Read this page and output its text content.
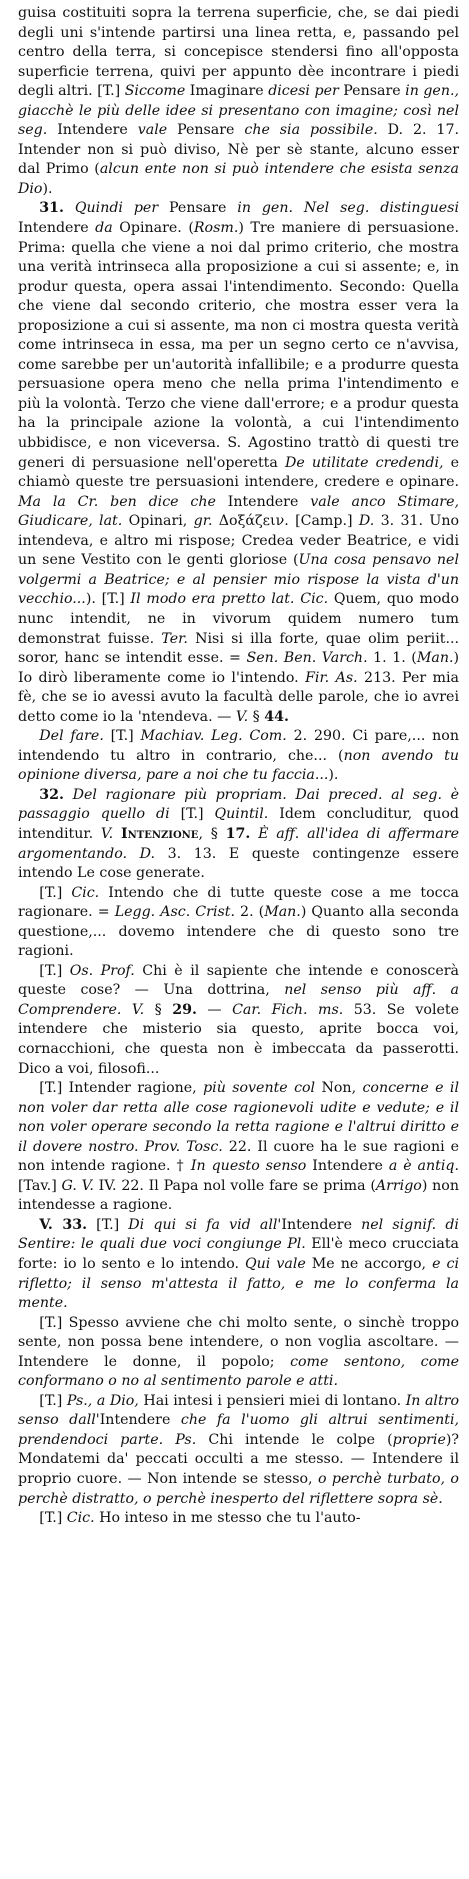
guisa costituiti sopra la terrena superficie, che, se dai piedi degli uni s'intende partirsi una linea retta, e, passando pel centro della terra, si concepisce stendersi fino all'opposta superficie terrena, quivi per appunto dèe incontrare i piedi degli altri. [T.] Siccome Imaginare dicesi per Pensare in gen., giacchè le più delle idee si presentano con imagine; così nel seg. Intendere vale Pensare che sia possibile. D. 2. 17. Intender non si può diviso, Nè per sè stante, alcuno esser dal Primo (alcun ente non si può intendere che esista senza Dio).

31. Quindi per Pensare in gen. Nel seg. distinguesi Intendere da Opinare. (Rosm.) Tre maniere di persuasione. Prima: quella che viene a noi dal primo criterio, che mostra una verità intrinseca alla proposizione a cui si assente; e, in produr questa, opera assai l'intendimento. Secondo: Quella che viene dal secondo criterio, che mostra esser vera la proposizione a cui si assente, ma non ci mostra questa verità come intrinseca in essa, ma per un segno certo ce n'avvisa, come sarebbe per un'autorità infallibile; e a produrre questa persuasione opera meno che nella prima l'intendimento e più la volontà. Terzo che viene dall'errore; e a produr questa ha la principale azione la volontà, a cui l'intendimento ubbidisce, e non viceversa. S. Agostino trattò di questi tre generi di persuasione nell'operetta De utilitate credendi, e chiamò queste tre persuasioni intendere, credere e opinare. Ma la Cr. ben dice che Intendere vale anco Stimare, Giudicare, lat. Opinari, gr. Δοξάζειν. [Camp.] D. 3. 31. Uno intendeva, e altro mi rispose; Credea veder Beatrice, e vidi un sene Vestito con le genti gloriose (Una cosa pensavo nel volgermi a Beatrice; e al pensier mio rispose la vista d'un vecchio...). [T.] Il modo era pretto lat. Cic. Quem, quo modo nunc intendit, ne in vivorum quidem numero tum demonstrat fuisse. Ter. Nisi si illa forte, quae olim periit... soror, hanc se intendit esse. = Sen. Ben. Varch. 1. 1. (Man.) Io dirò liberamente come io l'intendo. Fir. As. 213. Per mia fè, che se io avessi avuto la facultà delle parole, che io avrei detto come io la 'ntendeva. — V. § 44.

Del fare. [T.] Machiav. Leg. Com. 2. 290. Ci pare,... non intendendo tu altro in contrario, che... (non avendo tu opinione diversa, pare a noi che tu faccia...).

32. Del ragionare più propriam. Dai preced. al seg. è passaggio quello di [T.] Quintil. Idem concluditur, quod intenditur. V. Intenzione, § 17. È aff. all'idea di affermare argomentando. D. 3. 13. E queste contingenze essere intendo Le cose generate.

[T.] Cic. Intendo che di tutte queste cose a me tocca ragionare. = Legg. Asc. Crist. 2. (Man.) Quanto alla seconda questione,... dovemo intendere che di questo sono tre ragioni.

[T.] Os. Prof. Chi è il sapiente che intende e conoscerà queste cose? — Una dottrina, nel senso più aff. a Comprendere. V. § 29. — Car. Fich. ms. 53. Se volete intendere che misterio sia questo, aprite bocca voi, cornacchioni, che questa non è imbeccata da passerotti. Dico a voi, filosofi...

[T.] Intender ragione, più sovente col Non, concerne e il non voler dar retta alle cose ragionevoli udite e vedute; e il non voler operare secondo la retta ragione e l'altrui diritto e il dovere nostro. Prov. Tosc. 22. Il cuore ha le sue ragioni e non intende ragione. † In questo senso Intendere a è antiq. [Tav.] G. V. IV. 22. Il Papa nol volle fare se prima (Arrigo) non intendesse a ragione.

V. 33. [T.] Di qui si fa vid all'Intendere nel signif. di Sentire: le quali due voci congiunge Pl. Ell'è meco crucciata forte: io lo sento e lo intendo. Qui vale Me ne accorgo, e ci rifletto; il senso m'attesta il fatto, e me lo conferma la mente.

[T.] Spesso avviene che chi molto sente, o sinchè troppo sente, non possa bene intendere, o non voglia ascoltare. — Intendere le donne, il popolo; come sentono, come conformano o no al sentimento parole e atti.

[T.] Ps., a Dio, Hai intesi i pensieri miei di lontano. In altro senso dall'Intendere che fa l'uomo gli altrui sentimenti, prendendoci parte. Ps. Chi intende le colpe (proprie)? Mondatemi da' peccati occulti a me stesso. — Intendere il proprio cuore. — Non intende se stesso, o perchè turbato, o perchè distratto, o perchè inesperto del riflettere sopra sè.

[T.] Cic. Ho inteso in me stesso che tu l'auto-
